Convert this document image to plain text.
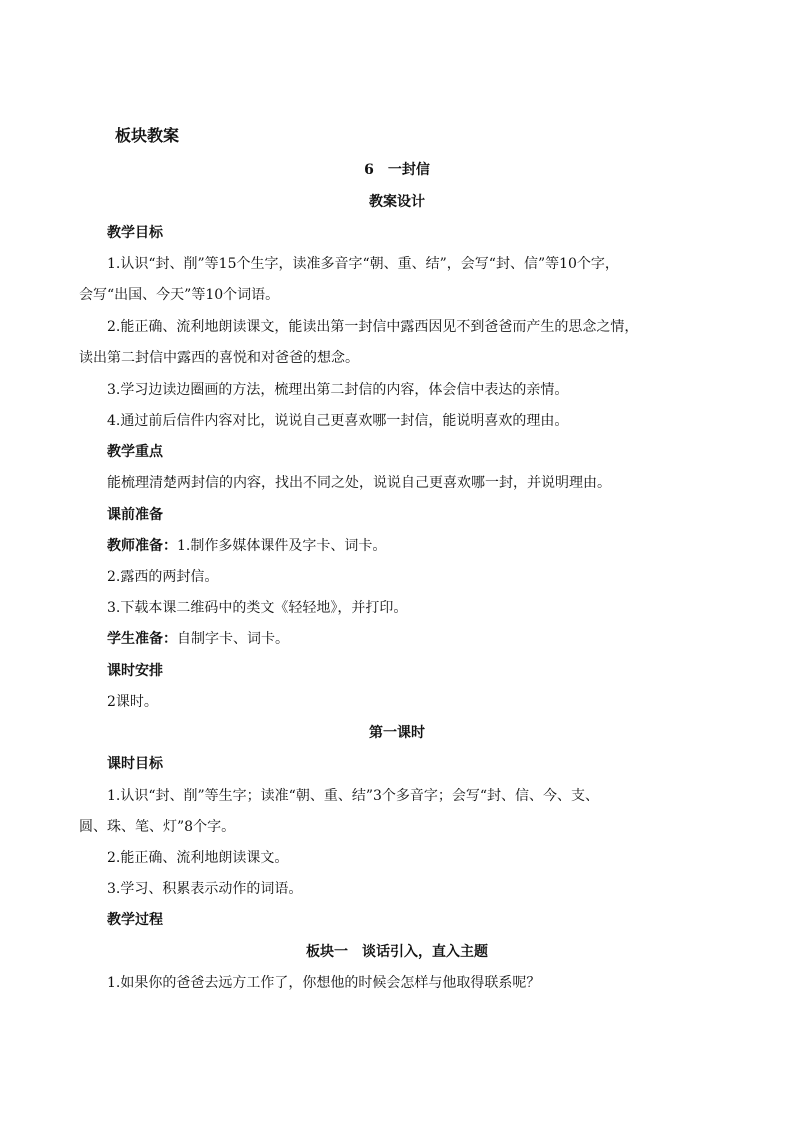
板块教案
6　一封信
教案设计
教学目标
1.认识“封、削”等15个生字，读准多音字“朝、重、结”，会写“封、信”等10个字，
会写“出国、今天”等10个词语。
2.能正确、流利地朗读课文，能读出第一封信中露西因见不到爸爸而产生的思念之情，
读出第二封信中露西的喜悦和对爸爸的想念。
3.学习边读边圈画的方法，梳理出第二封信的内容，体会信中表达的亲情。
4.通过前后信件内容对比，说说自己更喜欢哪一封信，能说明喜欢的理由。
教学重点
能梳理清楚两封信的内容，找出不同之处，说说自己更喜欢哪一封，并说明理由。
课前准备
教师准备：1.制作多媒体课件及字卡、词卡。
2.露西的两封信。
3.下载本课二维码中的类文《轻轻地》，并打印。
学生准备：自制字卡、词卡。
课时安排
2课时。
第一课时
课时目标
1.认识“封、削”等生字；读准“朝、重、结”3个多音字；会写“封、信、今、支、
圆、珠、笔、灯”8个字。
2.能正确、流利地朗读课文。
3.学习、积累表示动作的词语。
教学过程
板块一　谈话引入，直入主题
1.如果你的爸爸去远方工作了，你想他的时候会怎样与他取得联系呢？
